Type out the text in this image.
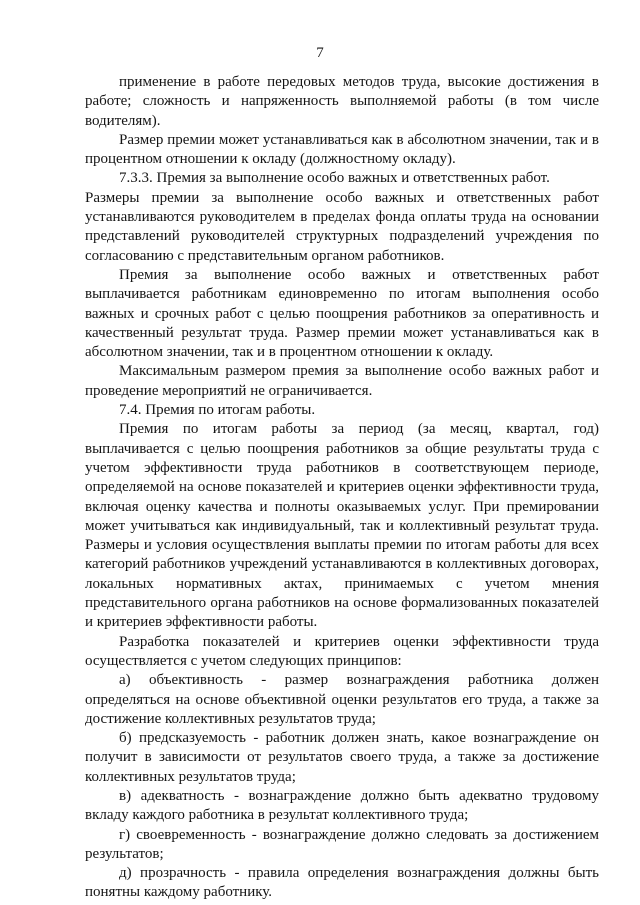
7

применение в работе передовых методов труда, высокие достижения в работе; сложность и напряженность выполняемой работы (в том числе водителям).

Размер премии может устанавливаться как в абсолютном значении, так и в процентном отношении к окладу (должностному окладу).

7.3.3. Премия за выполнение особо важных и ответственных работ.

Размеры премии за выполнение особо важных и ответственных работ устанавливаются руководителем в пределах фонда оплаты труда на основании представлений руководителей структурных подразделений учреждения по согласованию с представительным органом работников.

Премия за выполнение особо важных и ответственных работ выплачивается работникам единовременно по итогам выполнения особо важных и срочных работ с целью поощрения работников за оперативность и качественный результат труда. Размер премии может устанавливаться как в абсолютном значении, так и в процентном отношении к окладу.

Максимальным размером премия за выполнение особо важных работ и проведение мероприятий не ограничивается.

7.4. Премия по итогам работы.

Премия по итогам работы за период (за месяц, квартал, год) выплачивается с целью поощрения работников за общие результаты труда с учетом эффективности труда работников в соответствующем периоде, определяемой на основе показателей и критериев оценки эффективности труда, включая оценку качества и полноты оказываемых услуг. При премировании может учитываться как индивидуальный, так и коллективный результат труда. Размеры и условия осуществления выплаты премии по итогам работы для всех категорий работников учреждений устанавливаются в коллективных договорах, локальных нормативных актах, принимаемых с учетом мнения представительного органа работников на основе формализованных показателей и критериев эффективности работы.

Разработка показателей и критериев оценки эффективности труда осуществляется с учетом следующих принципов:

а) объективность - размер вознаграждения работника должен определяться на основе объективной оценки результатов его труда, а также за достижение коллективных результатов труда;

б) предсказуемость - работник должен знать, какое вознаграждение он получит в зависимости от результатов своего труда, а также за достижение коллективных результатов труда;

в) адекватность - вознаграждение должно быть адекватно трудовому вкладу каждого работника в результат коллективного труда;

г) своевременность - вознаграждение должно следовать за достижением результатов;

д) прозрачность - правила определения вознаграждения должны быть понятны каждому работнику.
